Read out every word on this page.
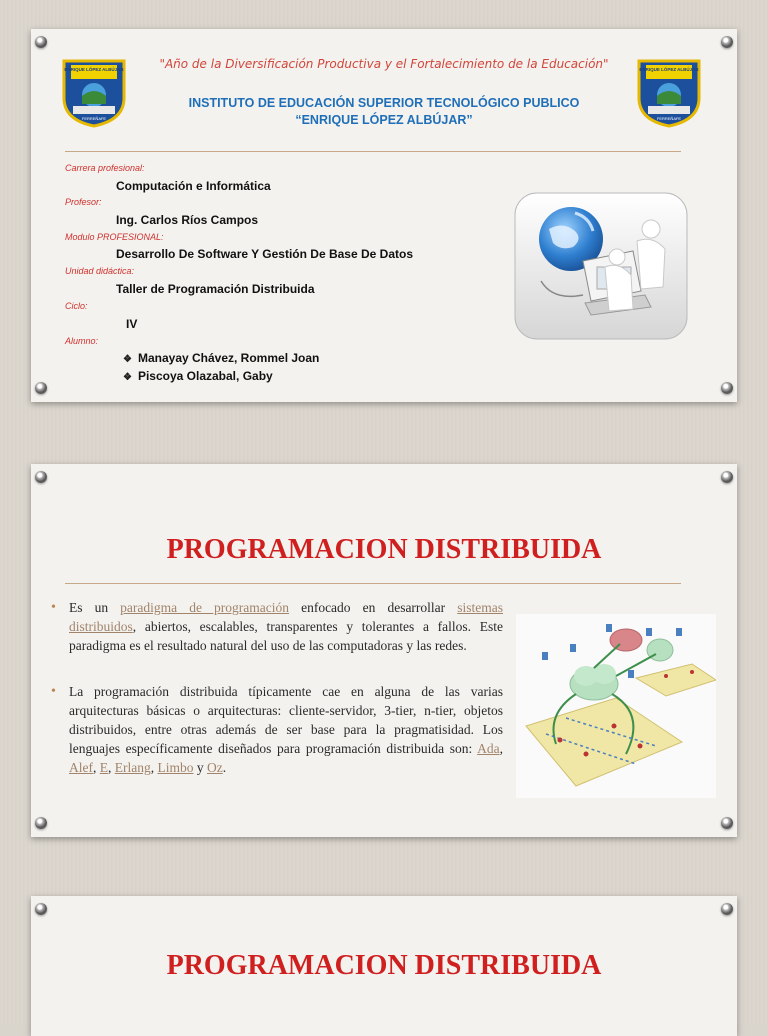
ENRIQUE LÓPEZ ALBÚJAR
FERREÑAFE
ENRIQUE LÓPEZ ALBÚJAR
FERREÑAFE
"Año de la Diversificación Productiva y el Fortalecimiento de la Educación"
INSTITUTO DE EDUCACIÓN SUPERIOR TECNOLÓGICO PUBLICO
“ENRIQUE LÓPEZ ALBÚJAR”
Carrera profesional:
Computación e Informática
Profesor:
Ing. Carlos Ríos Campos
Modulo PROFESIONAL:
Desarrollo De Software Y Gestión De Base De Datos
Unidad didáctica:
Taller de Programación Distribuida
Ciclo:
IV
Alumno:
❖ Manayay Chávez, Rommel Joan
❖ Piscoya Olazabal, Gaby
PROGRAMACION DISTRIBUIDA
• Es un paradigma de programación enfocado en desarrollar sistemas distribuidos, abiertos, escalables, transparentes y tolerantes a fallos. Este paradigma es el resultado natural del uso de las computadoras y las redes.
• La programación distribuida típicamente cae en alguna de las varias arquitecturas básicas o arquitecturas: cliente-servidor, 3-tier, n-tier, objetos distribuidos, entre otras además de ser base para la pragmatisidad. Los lenguajes específicamente diseñados para programación distribuida son: Ada, Alef, E, Erlang, Limbo y Oz.
PROGRAMACION DISTRIBUIDA
